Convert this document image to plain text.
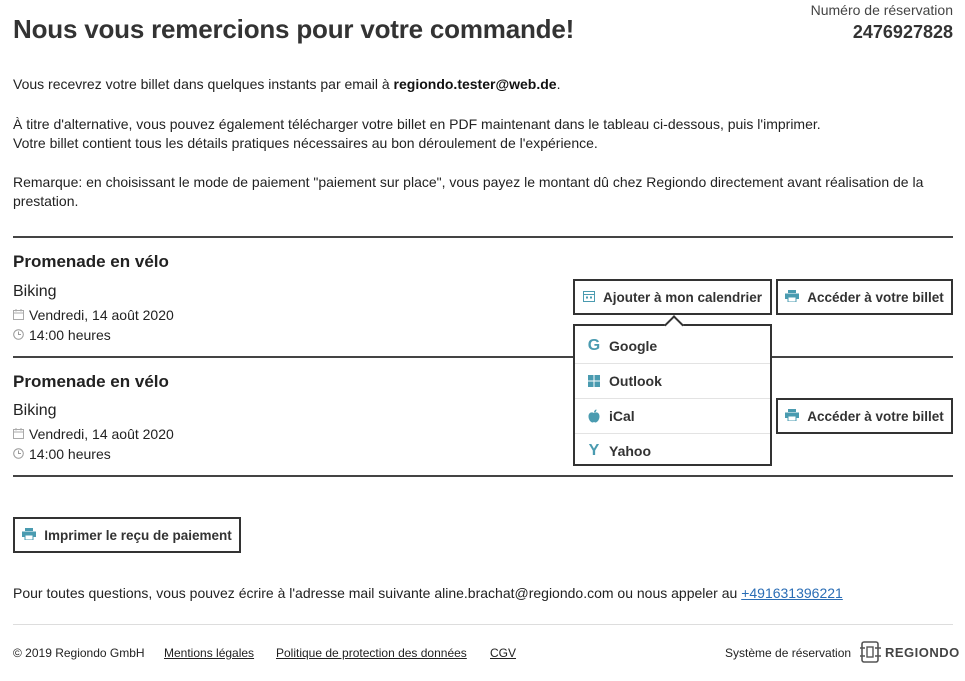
Nous vous remercions pour votre commande!
Numéro de réservation
2476927828
Vous recevrez votre billet dans quelques instants par email à regiondo.tester@web.de.
À titre d'alternative, vous pouvez également télécharger votre billet en PDF maintenant dans le tableau ci-dessous, puis l'imprimer.
Votre billet contient tous les détails pratiques nécessaires au bon déroulement de l'expérience.
Remarque: en choisissant le mode de paiement "paiement sur place", vous payez le montant dû chez Regiondo directement avant réalisation de la prestation.
Promenade en vélo
Biking
Vendredi, 14 août 2020
14:00 heures
Ajouter à mon calendrier	Accéder à votre billet
Promenade en vélo
Biking
Vendredi, 14 août 2020
14:00 heures
Accéder à votre billet
G Google
Outlook
iCal
Y Yahoo
Imprimer le reçu de paiement
Pour toutes questions, vous pouvez écrire à l'adresse mail suivante aline.brachat@regiondo.com ou nous appeler au +491631396221
© 2019 Regiondo GmbH Mentions légales Politique de protection des données CGV	Système de réservation	REGIONDO
